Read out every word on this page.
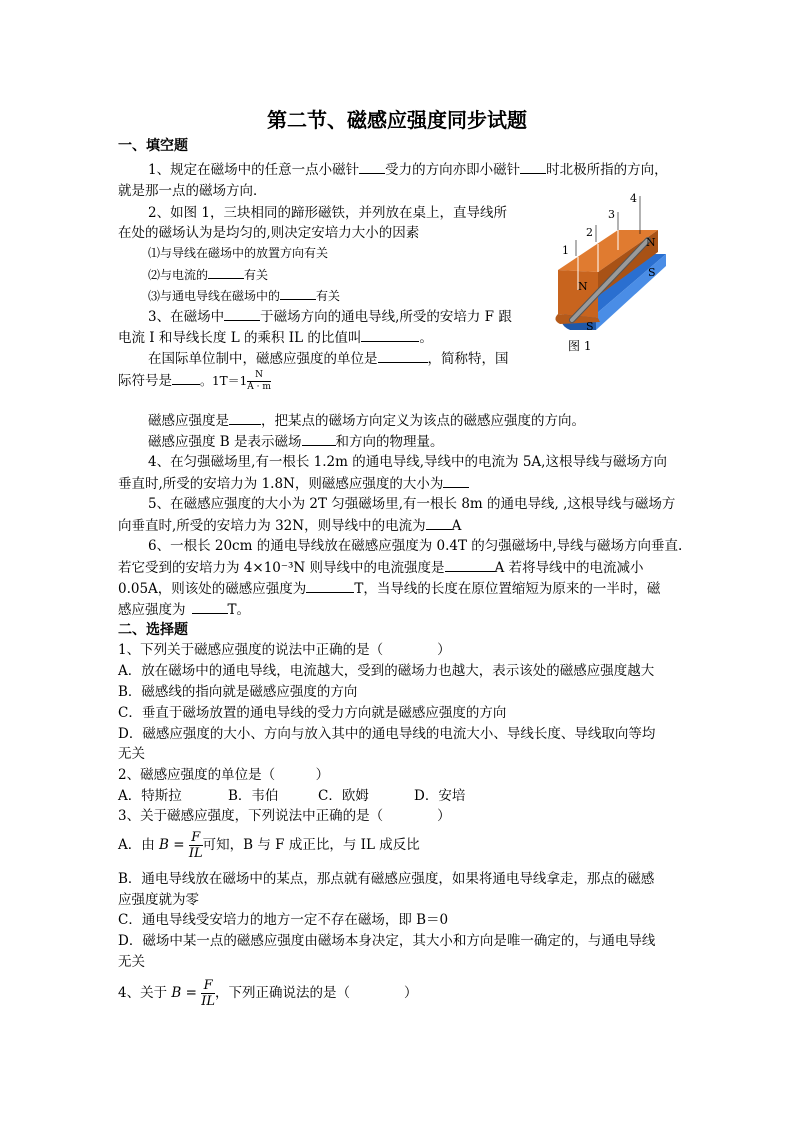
第二节、磁感应强度同步试题
一、填空题
1、规定在磁场中的任意一点小磁针 受力的方向亦即小磁针 时北极所指的方向，
就是那一点的磁场方向．
2、如图 1，三块相同的蹄形磁铁，并列放在桌上，直导线所
在处的磁场认为是均匀的,则决定安培力大小的因素
⑴与导线在磁场中的放置方向有关
⑵与电流的	有关
⑶与通电导线在磁场中的	有关
3、在磁场中	于磁场方向的通电导线,所受的安培力 F 跟
电流 I 和导线长度 L 的乘积 IL 的比值叫	。
在国际单位制中，磁感应强度的单位是	，简称特，国
际符号是 。$1T=1 \frac{N}{A \cdot m}$
磁感应强度是 ，把某点的磁场方向定义为该点的磁感应强度的方向。
磁感应强度 B 是表示磁场	和方向的物理量。
4、在匀强磁场里,有一根长 1.2m 的通电导线,导线中的电流为 5A,这根导线与磁场方向
垂直时,所受的安培力为 1.8N，则磁感应强度的大小为
5、在磁感应强度的大小为 2T 匀强磁场里,有一根长 8m 的通电导线, ,这根导线与磁场方
向垂直时,所受的安培力为 32N，则导线中的电流为 A
6、一根长 20cm 的通电导线放在磁感应强度为 0.4T 的匀强磁场中,导线与磁场方向垂直.
若它受到的安培力为 4×10⁻³N 则导线中的电流强度是	A 若将导线中的电流减小
0.05A，则该处的磁感应强度为	T，当导线的长度在原位置缩短为原来的一半时，磁
感应强度为	T。
二、选择题
1、下列关于磁感应强度的说法中正确的是（　　　　）
A．放在磁场中的通电导线，电流越大，受到的磁场力也越大，表示该处的磁感应强度越大
B．磁感线的指向就是磁感应强度的方向
C．垂直于磁场放置的通电导线的受力方向就是磁感应强度的方向
D．磁感应强度的大小、方向与放入其中的通电导线的电流大小、导线长度、导线取向等均
无关
2、磁感应强度的单位是（　　　）
A．特斯拉	B．韦伯	C．欧姆	D．安培
3、关于磁感应强度，下列说法中正确的是（　　　　）
A．由 $B = \frac{F}{IL}$ 可知，B 与 F 成正比，与 IL 成反比
B．通电导线放在磁场中的某点，那点就有磁感应强度，如果将通电导线拿走，那点的磁感
应强度就为零
C．通电导线受安培力的地方一定不存在磁场，即 B＝0
D．磁场中某一点的磁感应强度由磁场本身决定，其大小和方向是唯一确定的，与通电导线
无关
4、关于 $B = \frac{F}{IL}$ ，下列正确说法的是（　　　　）
1
2
3
4
N
N
S
S
图 1
